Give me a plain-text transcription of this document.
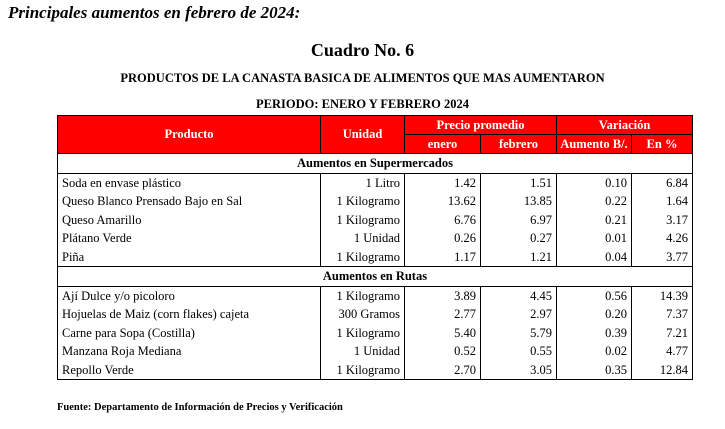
Principales aumentos en febrero de 2024:
Cuadro No. 6
PRODUCTOS DE LA CANASTA BASICA DE ALIMENTOS QUE MAS AUMENTARON
PERIODO: ENERO Y FEBRERO 2024
Producto	Unidad	Precio promedio		Variación	
		enero	febrero	Aumento B/.	En %
Aumentos en Supermercados					
Soda en envase plástico	1 Litro	1.42	1.51	0.10	6.84
Queso Blanco Prensado Bajo en Sal	1 Kilogramo	13.62	13.85	0.22	1.64
Queso Amarillo	1 Kilogramo	6.76	6.97	0.21	3.17
Plátano Verde	1 Unidad	0.26	0.27	0.01	4.26
Piña	1 Kilogramo	1.17	1.21	0.04	3.77
Aumentos en Rutas					
Ají Dulce y/o picoloro	1 Kilogramo	3.89	4.45	0.56	14.39
Hojuelas de Maiz (corn flakes) cajeta	300 Gramos	2.77	2.97	0.20	7.37
Carne para Sopa (Costilla)	1 Kilogramo	5.40	5.79	0.39	7.21
Manzana Roja Mediana	1 Unidad	0.52	0.55	0.02	4.77
Repollo Verde	1 Kilogramo	2.70	3.05	0.35	12.84
Fuente: Departamento de Información de Precios y Verificación
